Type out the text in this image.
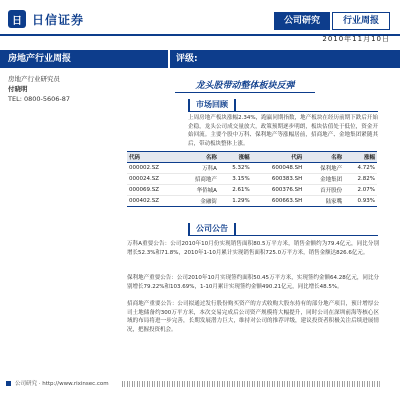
日 日信证券	公司研究	行业周报
2010年11月10日
房地产行业周报
房地产行业研究员
付晓明
TEL: 0800-5606-87
评级:
龙头股带动整体板块反弹
市场回顾
上周房地产板块涨幅2.34%，跑赢同期指数，地产板块在经历前期下跌后开始企稳，龙头公司成交量放大，政策预期逐步明朗，板块估值处于低位，资金开始回流。主要个股中万科、保利地产等涨幅居前，招商地产、金地集团紧随其后，带动板块整体上涨。
代码	名称	涨幅	代码	名称	涨幅
000002.SZ	万科A	5.32%	600048.SH	保利地产	4.72%
000024.SZ	招商地产	3.15%	600383.SH	金地集团	2.82%
000069.SZ	华侨城A	2.61%	600376.SH	首开股份	2.07%
000402.SZ	金融街	1.29%	600663.SH	陆家嘴	0.93%
公司公告
万科A重要公告：公司2010年10月份实现销售面积80.5万平方米，销售金额约为79.4亿元，同比分别增长52.3%和71.8%，2010年1-10月累计实现销售面积725.0万平方米，销售金额达826.6亿元。
保利地产重要公告：公司2010年10月实现签约面积50.45万平方米，实现签约金额64.28亿元，同比分别增长79.22%和103.69%，1-10月累计实现签约金额490.21亿元，同比增长48.5%。
招商地产重要公告：公司拟通过发行股份购买资产的方式收购大股东持有的部分地产项目，预计增厚公司土地储备约300万平方米，本次交易完成后公司资产规模将大幅提升，同时公司在深圳前海等核心区域的布局将进一步完善，长期发展潜力巨大，维持对公司的推荐评级，建议投资者积极关注后续进展情况，把握投资机会。
公司研究 · http://www.rixinsec.com
